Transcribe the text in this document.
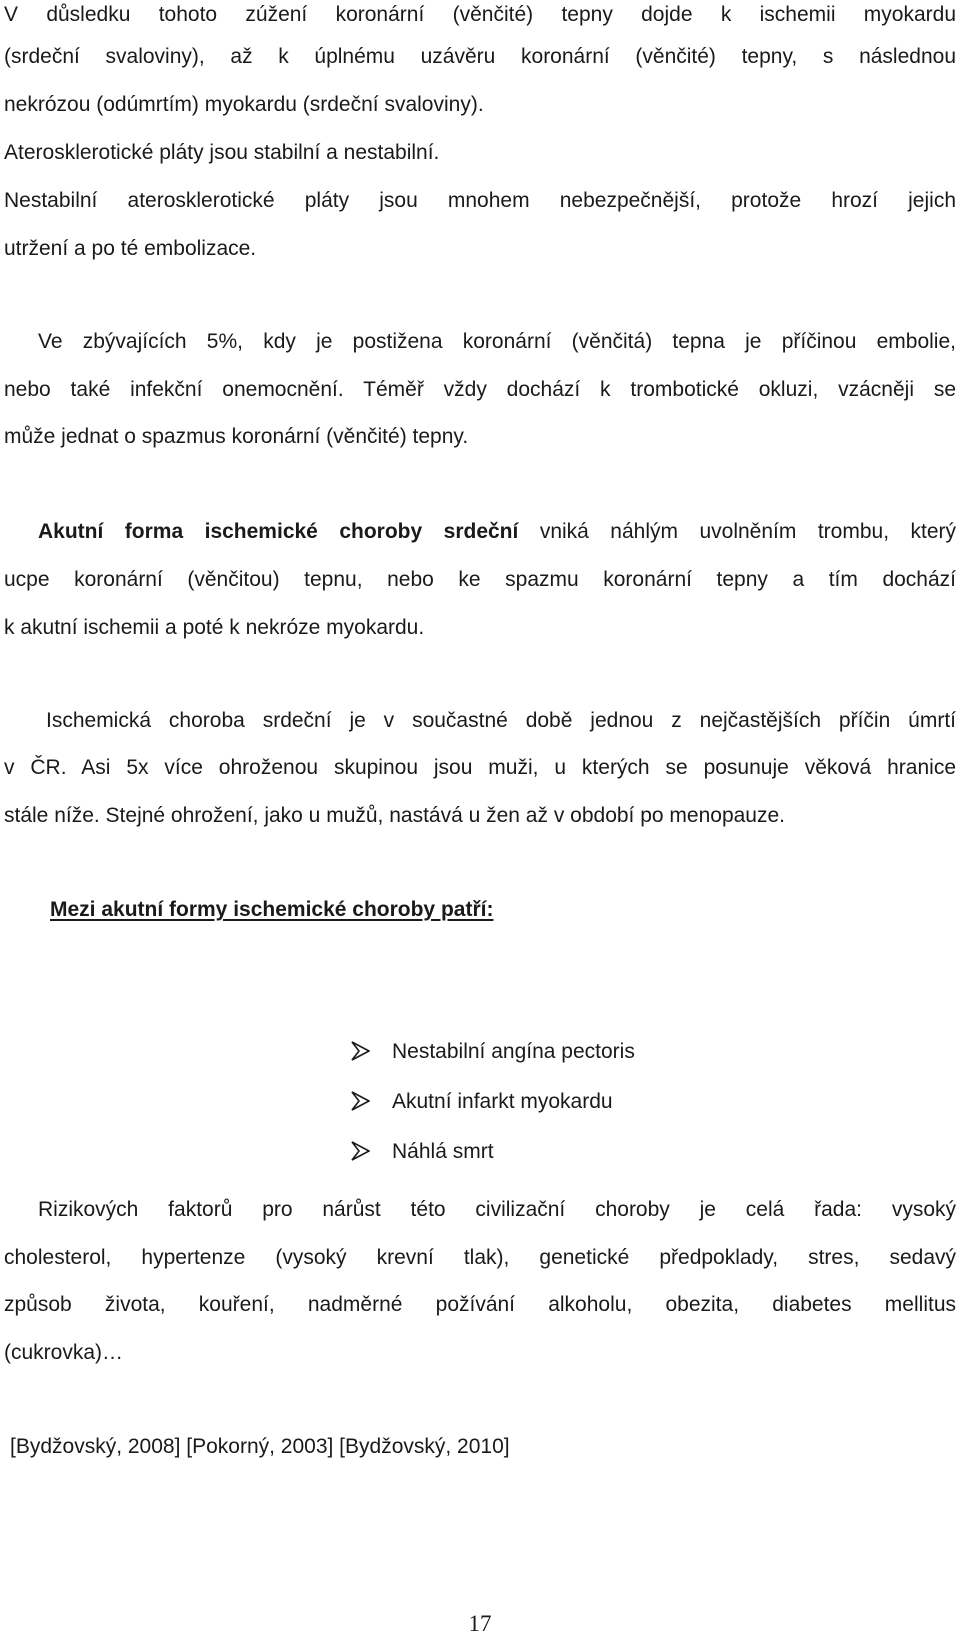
V důsledku tohoto zúžení koronární (věnčité) tepny dojde k ischemii myokardu

(srdeční svaloviny), až k úplnému uzávěru koronární (věnčité) tepny, s následnou

nekrózou (odúmrtím) myokardu (srdeční svaloviny).

Aterosklerotické pláty jsou stabilní a nestabilní.

Nestabilní aterosklerotické pláty jsou mnohem nebezpečnější, protože hrozí jejich

utržení a po té embolizace.

Ve zbývajících 5%, kdy je postižena koronární (věnčitá) tepna je příčinou embolie,

nebo také infekční onemocnění. Téměř vždy dochází k trombotické okluzi, vzácněji se

může jednat o spazmus koronární (věnčité) tepny.

Akutní forma ischemické choroby srdeční vniká náhlým uvolněním trombu, který

ucpe koronární (věnčitou) tepnu, nebo ke spazmu koronární tepny a tím dochází

k akutní ischemii a poté k nekróze myokardu.

Ischemická choroba srdeční je v součastné době jednou z nejčastějších příčin úmrtí

v ČR. Asi 5x více ohroženou skupinou jsou muži, u kterých se posunuje věková hranice

stále níže. Stejné ohrožení, jako u mužů, nastává u žen až v období po menopauze.

Mezi akutní formy ischemické choroby patří:
Nestabilní angína pectoris
Akutní infarkt myokardu
Náhlá smrt

Rizikových faktorů pro nárůst této civilizační choroby je celá řada: vysoký

cholesterol, hypertenze (vysoký krevní tlak), genetické předpoklady, stres, sedavý

způsob života, kouření, nadměrné požívání alkoholu, obezita, diabetes mellitus

(cukrovka)…

[Bydžovský, 2008] [Pokorný, 2003] [Bydžovský, 2010]
17
